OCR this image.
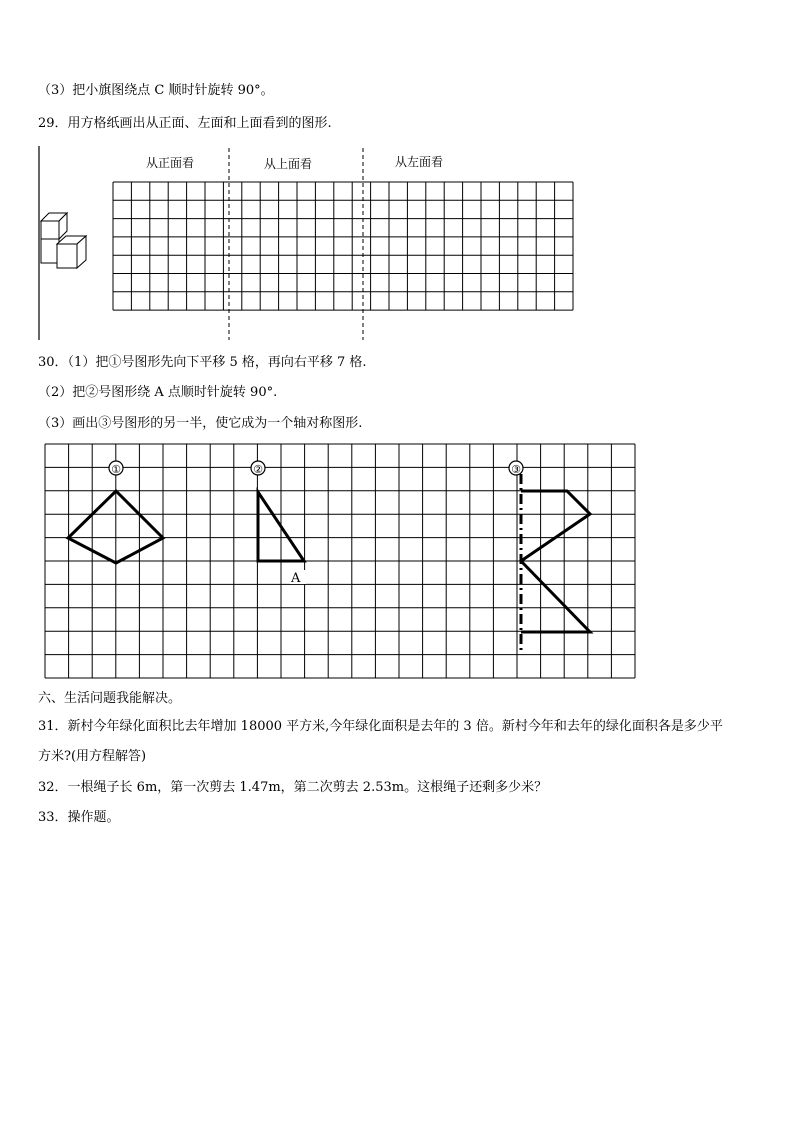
（3）把小旗图绕点 C 顺时针旋转 90°。
29．用方格纸画出从正面、左面和上面看到的图形.
从正面看	从上面看	从左面看
30．（1）把①号图形先向下平移 5 格，再向右平移 7 格.
（2）把②号图形绕 A 点顺时针旋转 90°.
（3）画出③号图形的另一半，使它成为一个轴对称图形.
①	②
A
③
六、生活问题我能解决。
31．新村今年绿化面积比去年增加 18000 平方米,今年绿化面积是去年的 3 倍。新村今年和去年的绿化面积各是多少平
方米?(用方程解答)
32．一根绳子长 6m，第一次剪去 1.47m，第二次剪去 2.53m。这根绳子还剩多少米？
33．操作题。
